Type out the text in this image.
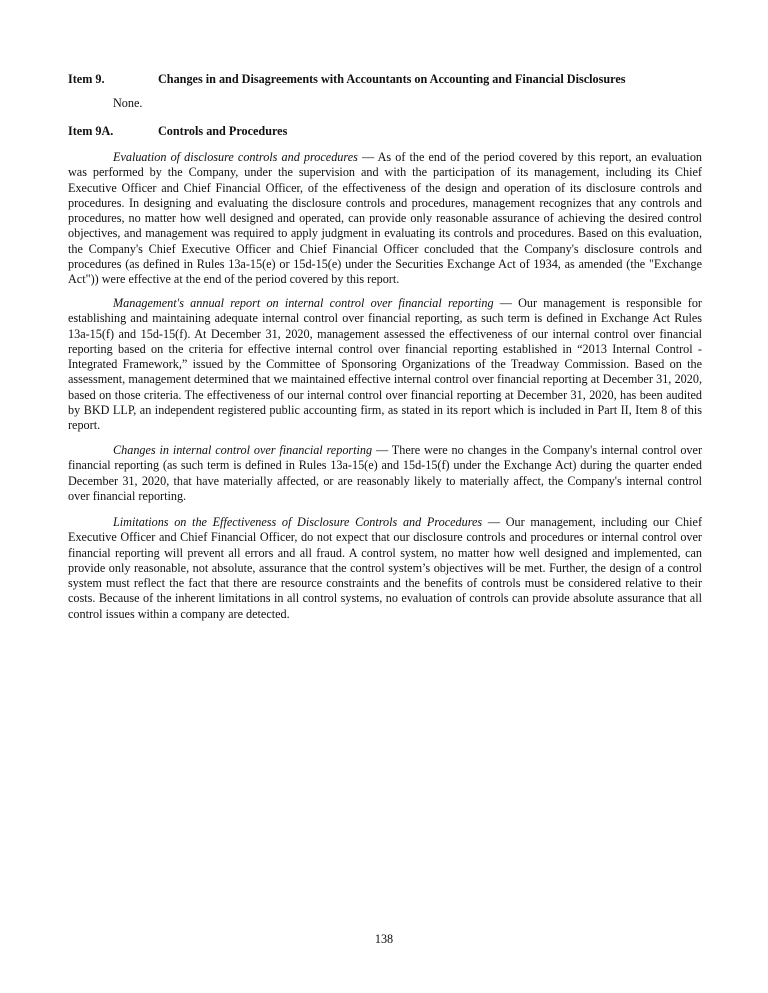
Item 9.	Changes in and Disagreements with Accountants on Accounting and Financial Disclosures
None.
Item 9A.	Controls and Procedures

Evaluation of disclosure controls and procedures — As of the end of the period covered by this report, an evaluation was performed by the Company, under the supervision and with the participation of its management, including its Chief Executive Officer and Chief Financial Officer, of the effectiveness of the design and operation of its disclosure controls and procedures. In designing and evaluating the disclosure controls and procedures, management recognizes that any controls and procedures, no matter how well designed and operated, can provide only reasonable assurance of achieving the desired control objectives, and management was required to apply judgment in evaluating its controls and procedures. Based on this evaluation, the Company's Chief Executive Officer and Chief Financial Officer concluded that the Company's disclosure controls and procedures (as defined in Rules 13a-15(e) or 15d-15(e) under the Securities Exchange Act of 1934, as amended (the "Exchange Act")) were effective at the end of the period covered by this report.

Management's annual report on internal control over financial reporting — Our management is responsible for establishing and maintaining adequate internal control over financial reporting, as such term is defined in Exchange Act Rules 13a-15(f) and 15d-15(f). At December 31, 2020, management assessed the effectiveness of our internal control over financial reporting based on the criteria for effective internal control over financial reporting established in “2013 Internal Control - Integrated Framework,” issued by the Committee of Sponsoring Organizations of the Treadway Commission. Based on the assessment, management determined that we maintained effective internal control over financial reporting at December 31, 2020, based on those criteria. The effectiveness of our internal control over financial reporting at December 31, 2020, has been audited by BKD LLP, an independent registered public accounting firm, as stated in its report which is included in Part II, Item 8 of this report.

Changes in internal control over financial reporting — There were no changes in the Company's internal control over financial reporting (as such term is defined in Rules 13a-15(e) and 15d-15(f) under the Exchange Act) during the quarter ended December 31, 2020, that have materially affected, or are reasonably likely to materially affect, the Company's internal control over financial reporting.

Limitations on the Effectiveness of Disclosure Controls and Procedures — Our management, including our Chief Executive Officer and Chief Financial Officer, do not expect that our disclosure controls and procedures or internal control over financial reporting will prevent all errors and all fraud. A control system, no matter how well designed and implemented, can provide only reasonable, not absolute, assurance that the control system’s objectives will be met. Further, the design of a control system must reflect the fact that there are resource constraints and the benefits of controls must be considered relative to their costs. Because of the inherent limitations in all control systems, no evaluation of controls can provide absolute assurance that all control issues within a company are detected.

138
